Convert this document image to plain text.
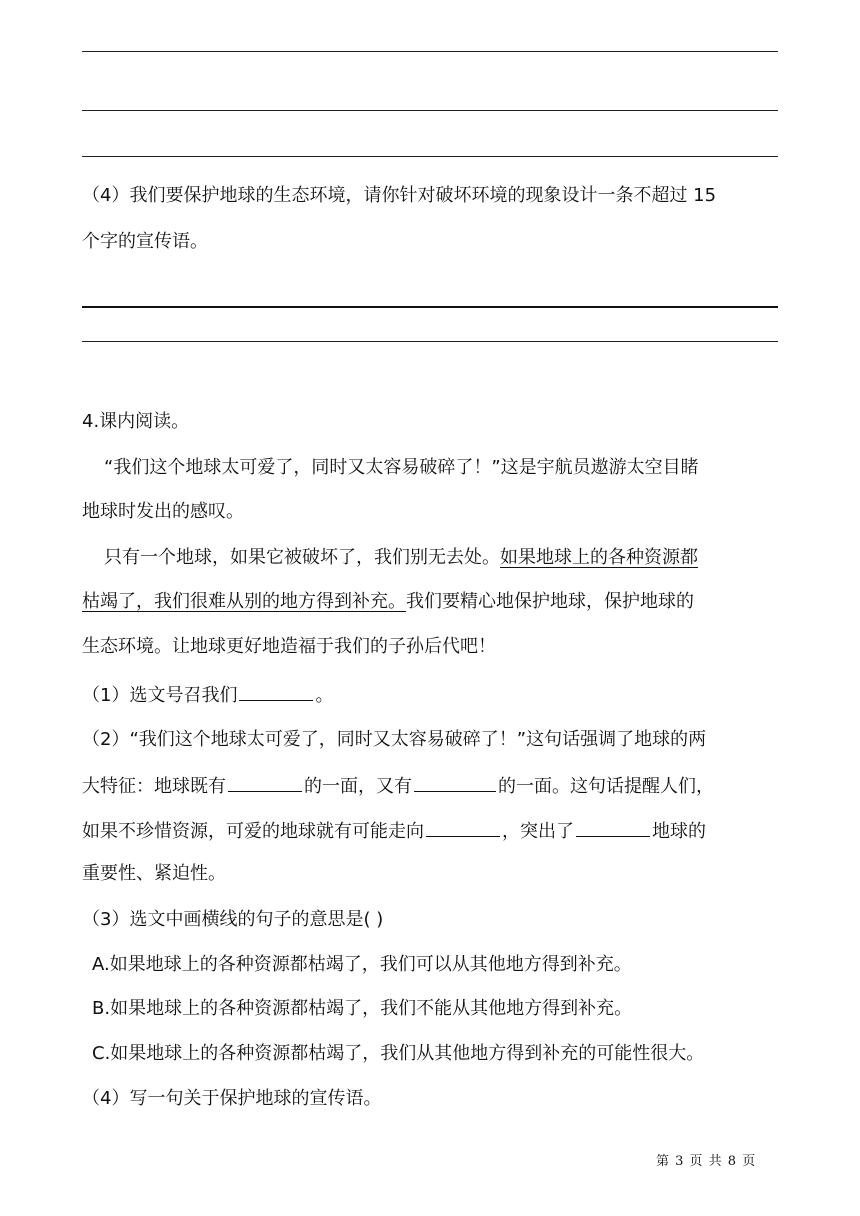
（4）我们要保护地球的生态环境，请你针对破坏环境的现象设计一条不超过 15
个字的宣传语。
4.课内阅读。
“我们这个地球太可爱了，同时又太容易破碎了！”这是宇航员遨游太空目睹
地球时发出的感叹。
只有一个地球，如果它被破坏了，我们别无去处。如果地球上的各种资源都
枯竭了，我们很难从别的地方得到补充。我们要精心地保护地球，保护地球的
生态环境。让地球更好地造福于我们的子孙后代吧！
（1）选文号召我们	。
（2）“我们这个地球太可爱了，同时又太容易破碎了！”这句话强调了地球的两
大特征：地球既有	的一面，又有	的一面。这句话提醒人们，
如果不珍惜资源，可爱的地球就有可能走向	，突出了	地球的
重要性、紧迫性。
（3）选文中画横线的句子的意思是( )
A.如果地球上的各种资源都枯竭了，我们可以从其他地方得到补充。
B.如果地球上的各种资源都枯竭了，我们不能从其他地方得到补充。
C.如果地球上的各种资源都枯竭了，我们从其他地方得到补充的可能性很大。
（4）写一句关于保护地球的宣传语。
第 3 页 共 8 页
